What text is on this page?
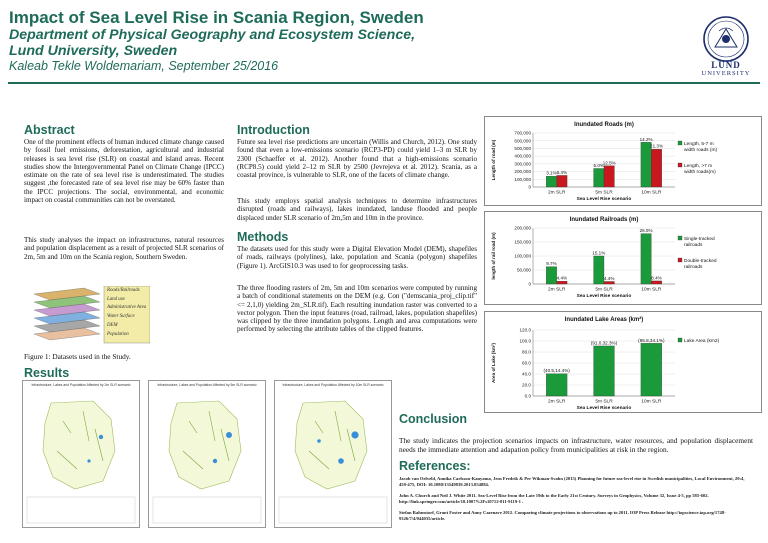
Impact of Sea Level Rise in Scania Region, Sweden
Department of Physical Geography and Ecosystem Science, Lund University, Sweden
Kaleab Tekle Woldemariam, September 25/2016	LUND
UNIVERSITY
Abstract
One of the prominent effects of human induced climate change caused by fossil fuel emissions, deforestation, agricultural and industrial releases is sea level rise (SLR) on coastal and island areas. Recent studies show the Intergovernmental Panel on Climate Change (IPCC) estimate on the rate of sea level rise is underestimated. The studies suggest ,the forecasted rate of sea level rise may be 60% faster than the IPCC projections. The social, environmental, and economic impact on coastal communities can not be overstated.
This study analyses the impact on infrastructures, natural resources and population displacement as a result of projected SLR scenarios of 2m, 5m and 10m on the Scania region, Southern Sweden.
Roads/Railroads
Land use
Administrative Area
Water Surface
DEM
Population
Figure 1: Datasets used in the Study.
Introduction
Future sea level rise predictions are uncertain (Willis and Church, 2012). One study found that even a low-emissions scenario (RCP3-PD) could yield 1–3 m SLR by 2300 (Schaeffer et al. 2012). Another found that a high-emissions scenario (RCP8.5) could yield 2–12 m SLR by 2500 (Jevrejeva et al. 2012). Scania, as a coastal province, is vulnerable to SLR, one of the facets of climate change.
This study employs spatial analysis techniques to determine infrastructures disrupted (roads and railways), lakes inundated, landuse flooded and people displaced under SLR scenario of 2m,5m and 10m in the province.
Methods
The datasets used for this study were a Digital Elevation Model (DEM), shapefiles of roads, railways (polylines), lake, population and Scania (polygon) shapefiles (Figure 1). ArcGIS10.3 was used to for geoprocessing tasks.
The three flooding rasters of 2m, 5m and 10m scenarios were computed by running a batch of conditional statements on the DEM (e.g. Con ("demscania_proj_clip.tif" <= 2,1,0) yielding 2m_SLR.tif). Each resulting inundation raster was converted to a vector polygon. Then the input features (road, railroad, lakes, population shapefiles) was clipped by the three inundation polygons. Length and area computations were performed by selecting the attribute tables of the clipped features.
Results
Infrastructure, Lakes and Population Affected by 2m SLR scenario	Infrastructure, Lakes and Population Affected by 5m SLR scenario	Infrastructure, Lakes and Population Affected by 10m SLR scenario
Inundated Roads (m)
0
100,000
200,000
300,000
400,000
500,000
600,000
700,000
Length of road (m)
2m SLR
3.1% 6.4%
5m SLR
5.0%
12.5%
10m SLR
14.2%
21.3%
Sea Level Rise scenario
Length, 5-7 m width roads (m)
Length, >7 m width roads(m)
Inundated Railroads (m)
0
50,000
100,000
150,000
200,000
length of rail road (m)
2m SLR
9.7%
4.4%
5m SLR
15.1%
4.4%
10m SLR
26.5%
8.4%
Sea Level Rise scenario
Single-tracked railroads
Double-tracked railroads
Inundated Lake Areas (km²)
0.0
20.0
40.0
60.0
80.0
100.0
120.0
Area of Lake (km²)
2m SLR
(40.5,14.4%)
5m SLR
(91.0,32.3%)
10m SLR
(95.8,34.1%)
Sea Level Rise scenario
Lake Area (km2)
Conclusion
The study indicates the projection scenarios impacts on infrastructure, water resources, and population displacement needs the immediate attention and adapation policy from municipalities at risk in the region.
References:
Jacob van Oelveld, Annika Carlsson-Kanyama, Jens Fredrik & Per Wikman-Svahn (2015) Planning for future sea-level rise in Swedish municipalities, Local Environment, 20:4, 459-475, DOI: 10.1080/13549839.2013.854884.
John A. Church and Neil J. White 2011. Sea-Level Rise from the Late 19th to the Early 21st Century. Surveys in Geophysics, Volume 32, Issue 4-5, pp 585-602. http://link.springer.com/article/10.1007%2Fs10712-011-9119-1 .
Stefan Rahmstorf, Grant Foster and Anny Cazenave 2012. Comparing climate projections to observations up to 2011. IOP Press Release http://iopscience.iop.org/1748-9326/7/4/044035/article.
